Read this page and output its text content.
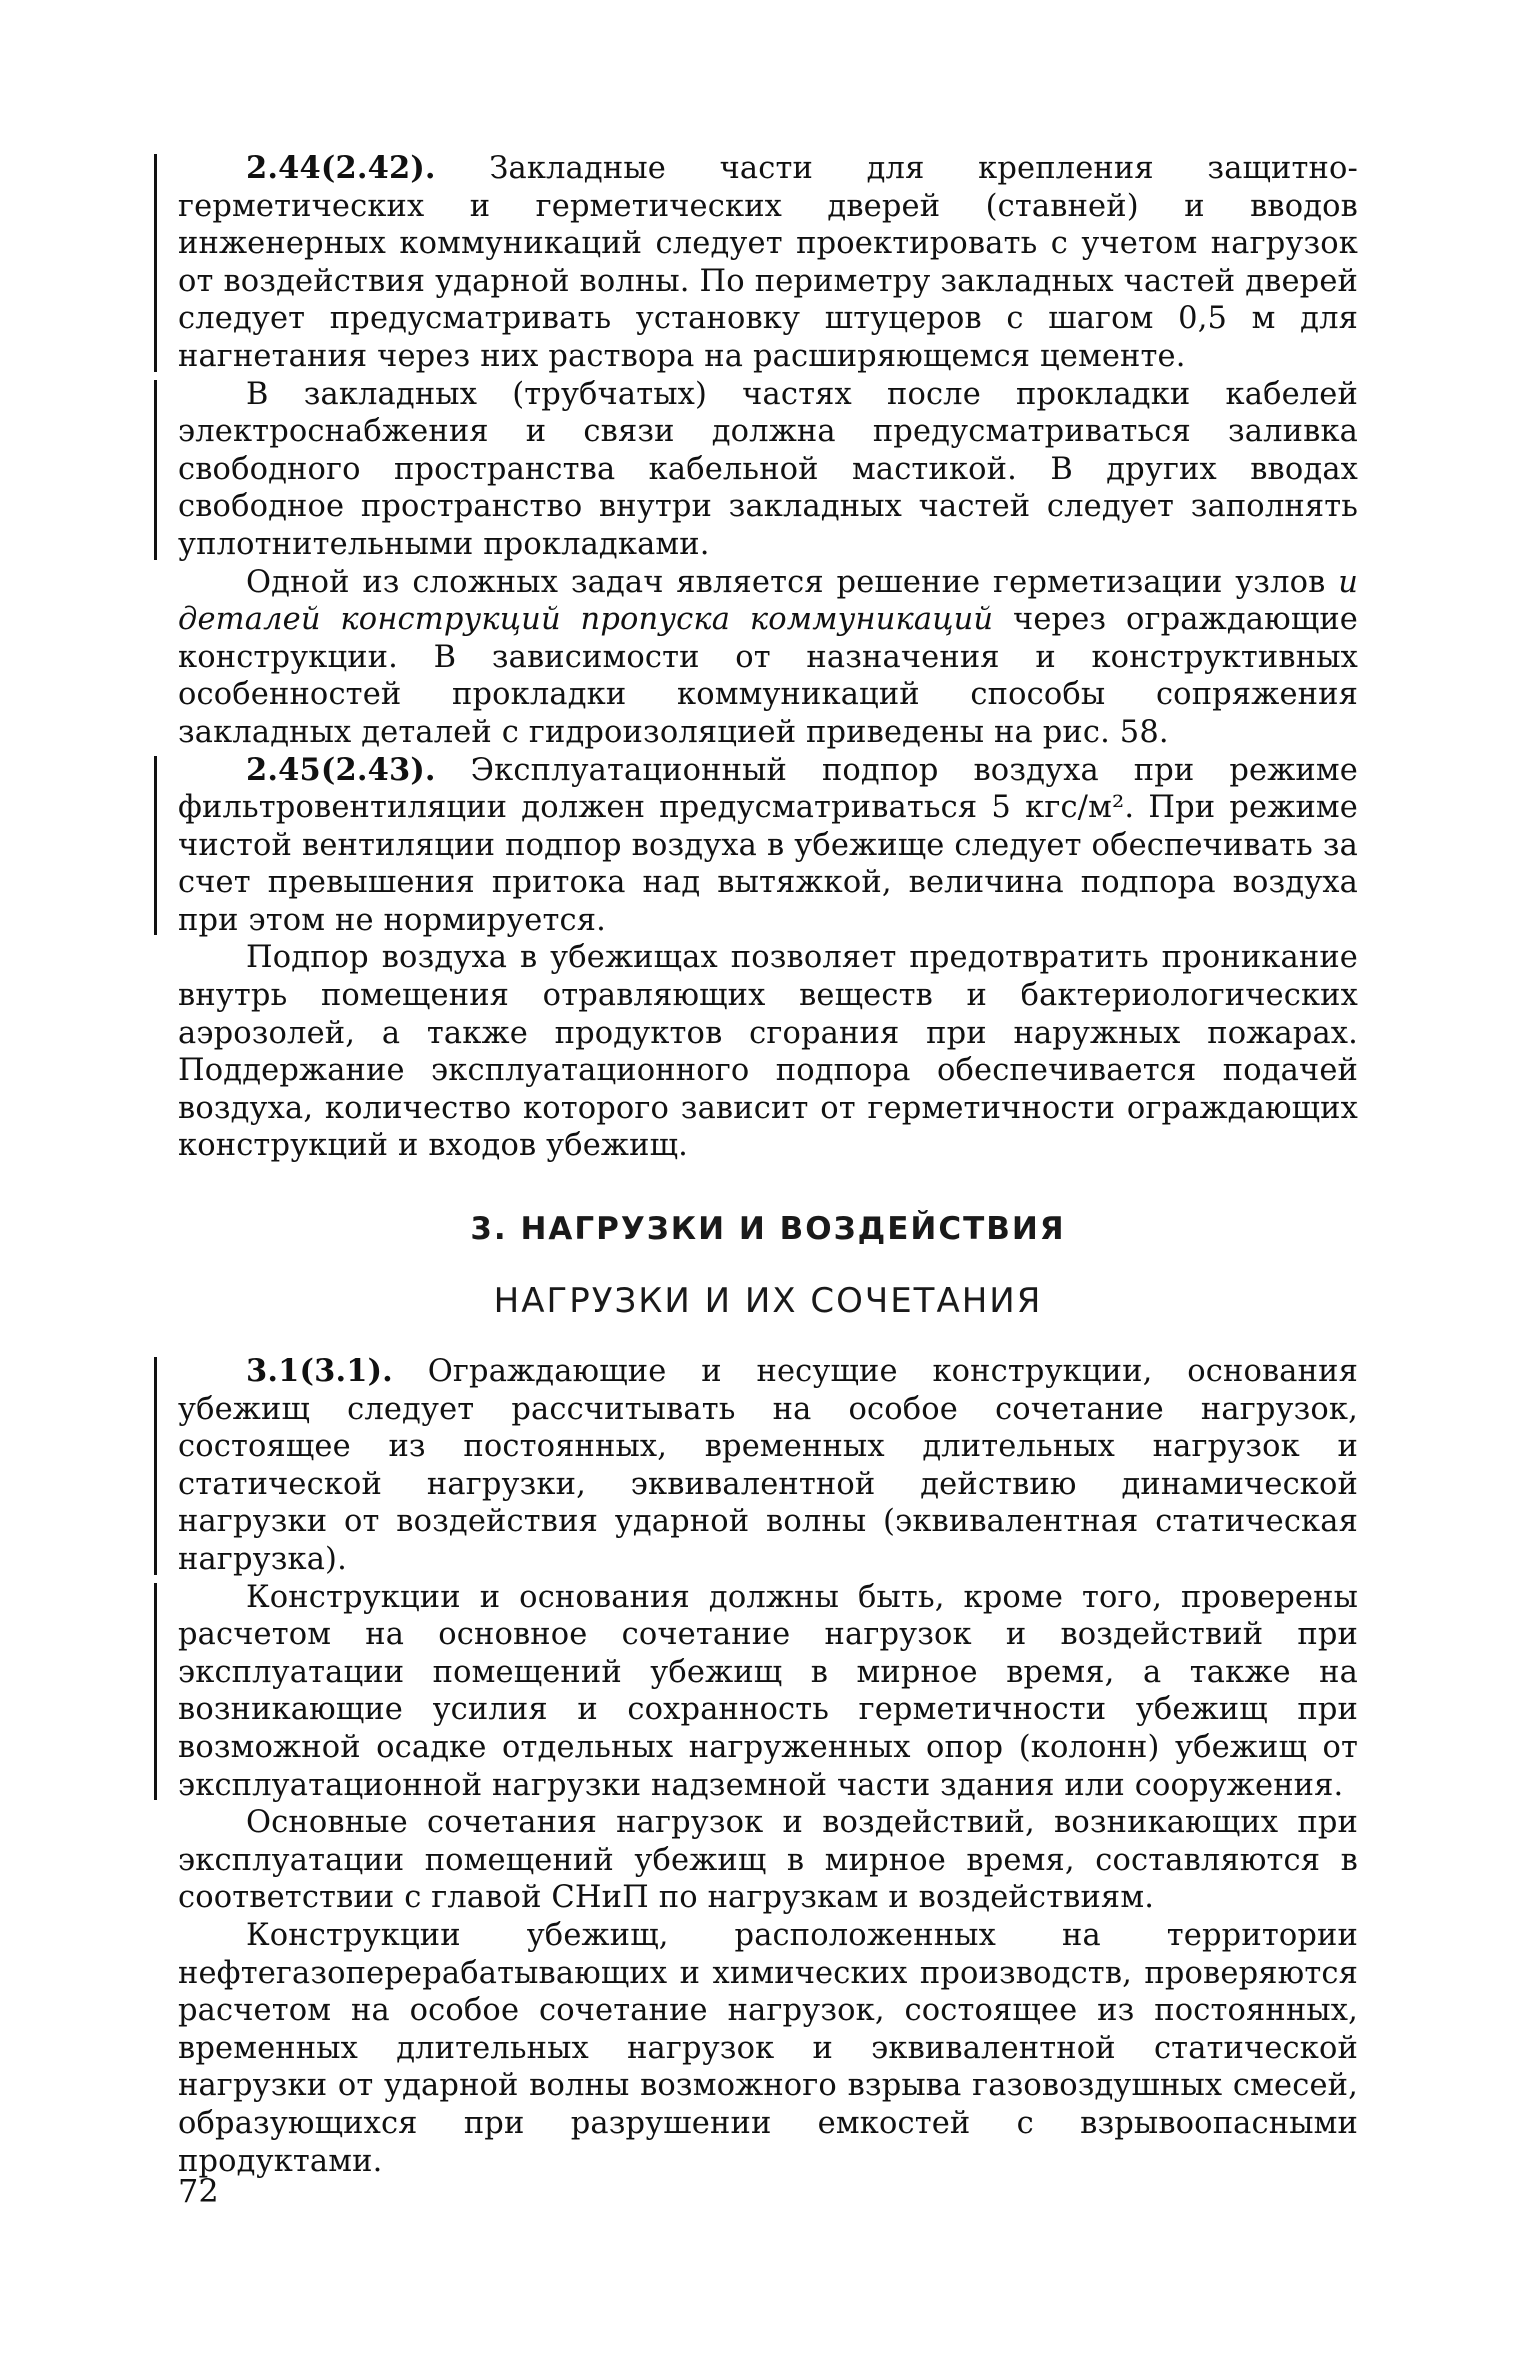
2.44(2.42). Закладные части для крепления защитно-герметических и герметических дверей (ставней) и вводов инженерных коммуникаций следует проектировать с учетом нагрузок от воздействия ударной волны. По периметру закладных частей дверей следует предусматривать установку штуцеров с шагом 0,5 м для нагнетания через них раствора на расширяющемся цементе.

В закладных (трубчатых) частях после прокладки кабелей электроснабжения и связи должна предусматриваться заливка свободного пространства кабельной мастикой. В других вводах свободное пространство внутри закладных частей следует заполнять уплотнительными прокладками.

Одной из сложных задач является решение герметизации узлов и деталей конструкций пропуска коммуникаций через ограждающие конструкции. В зависимости от назначения и конструктивных особенностей прокладки коммуникаций способы сопряжения закладных деталей с гидроизоляцией приведены на рис. 58.

2.45(2.43). Эксплуатационный подпор воздуха при режиме фильтровентиляции должен предусматриваться 5 кгс/м². При режиме чистой вентиляции подпор воздуха в убежище следует обеспечивать за счет превышения притока над вытяжкой, величина подпора воздуха при этом не нормируется.

Подпор воздуха в убежищах позволяет предотвратить проникание внутрь помещения отравляющих веществ и бактериологических аэрозолей, а также продуктов сгорания при наружных пожарах. Поддержание эксплуатационного подпора обеспечивается подачей воздуха, количество которого зависит от герметичности ограждающих конструкций и входов убежищ.

3. НАГРУЗКИ И ВОЗДЕЙСТВИЯ
НАГРУЗКИ И ИХ СОЧЕТАНИЯ

3.1(3.1). Ограждающие и несущие конструкции, основания убежищ следует рассчитывать на особое сочетание нагрузок, состоящее из постоянных, временных длительных нагрузок и статической нагрузки, эквивалентной действию динамической нагрузки от воздействия ударной волны (эквивалентная статическая нагрузка).

Конструкции и основания должны быть, кроме того, проверены расчетом на основное сочетание нагрузок и воздействий при эксплуатации помещений убежищ в мирное время, а также на возникающие усилия и сохранность герметичности убежищ при возможной осадке отдельных нагруженных опор (колонн) убежищ от эксплуатационной нагрузки надземной части здания или сооружения.

Основные сочетания нагрузок и воздействий, возникающих при эксплуатации помещений убежищ в мирное время, составляются в соответствии с главой СНиП по нагрузкам и воздействиям.

Конструкции убежищ, расположенных на территории нефтегазоперерабатывающих и химических производств, проверяются расчетом на особое сочетание нагрузок, состоящее из постоянных, временных длительных нагрузок и эквивалентной статической нагрузки от ударной волны возможного взрыва газовоздушных смесей, образующихся при разрушении емкостей с взрывоопасными продуктами.

72
